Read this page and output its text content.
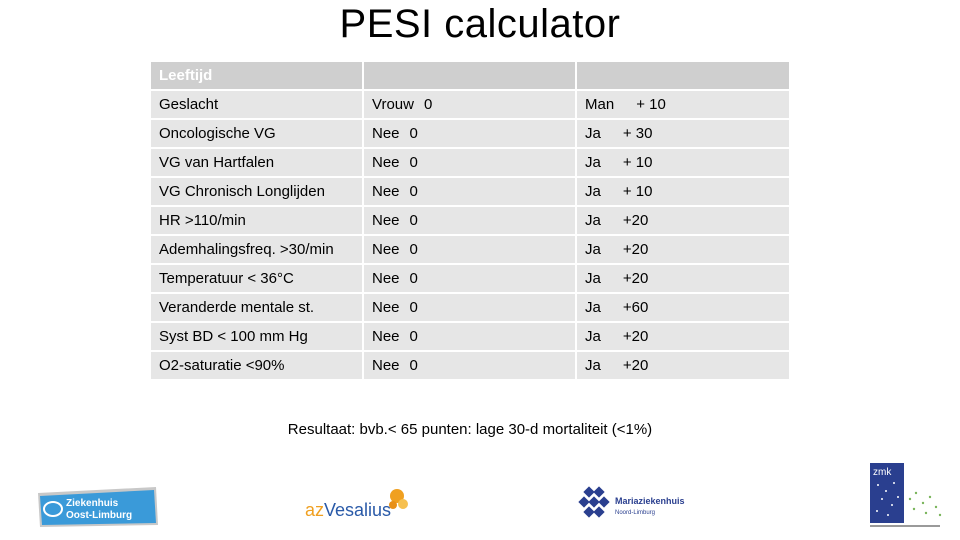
PESI calculator
Leeftijd		
Geslacht	Vrouw 0	Man + 10
Oncologische VG	Nee 0	Ja + 30
VG van Hartfalen	Nee 0	Ja + 10
VG Chronisch Longlijden	Nee 0	Ja + 10
HR >110/min	Nee 0	Ja +20
Ademhalingsfreq. >30/min	Nee 0	Ja +20
Temperatuur < 36°C	Nee 0	Ja +20
Veranderde mentale st.	Nee 0	Ja +60
Syst BD < 100 mm Hg	Nee 0	Ja +20
O2-saturatie <90%	Nee 0	Ja +20
Resultaat: bvb.< 65 punten: lage 30-d mortaliteit (<1%)
Ziekenhuis
Oost-Limburg	azVesalius	Mariaziekenhuis
Noord-Limburg
zmk
